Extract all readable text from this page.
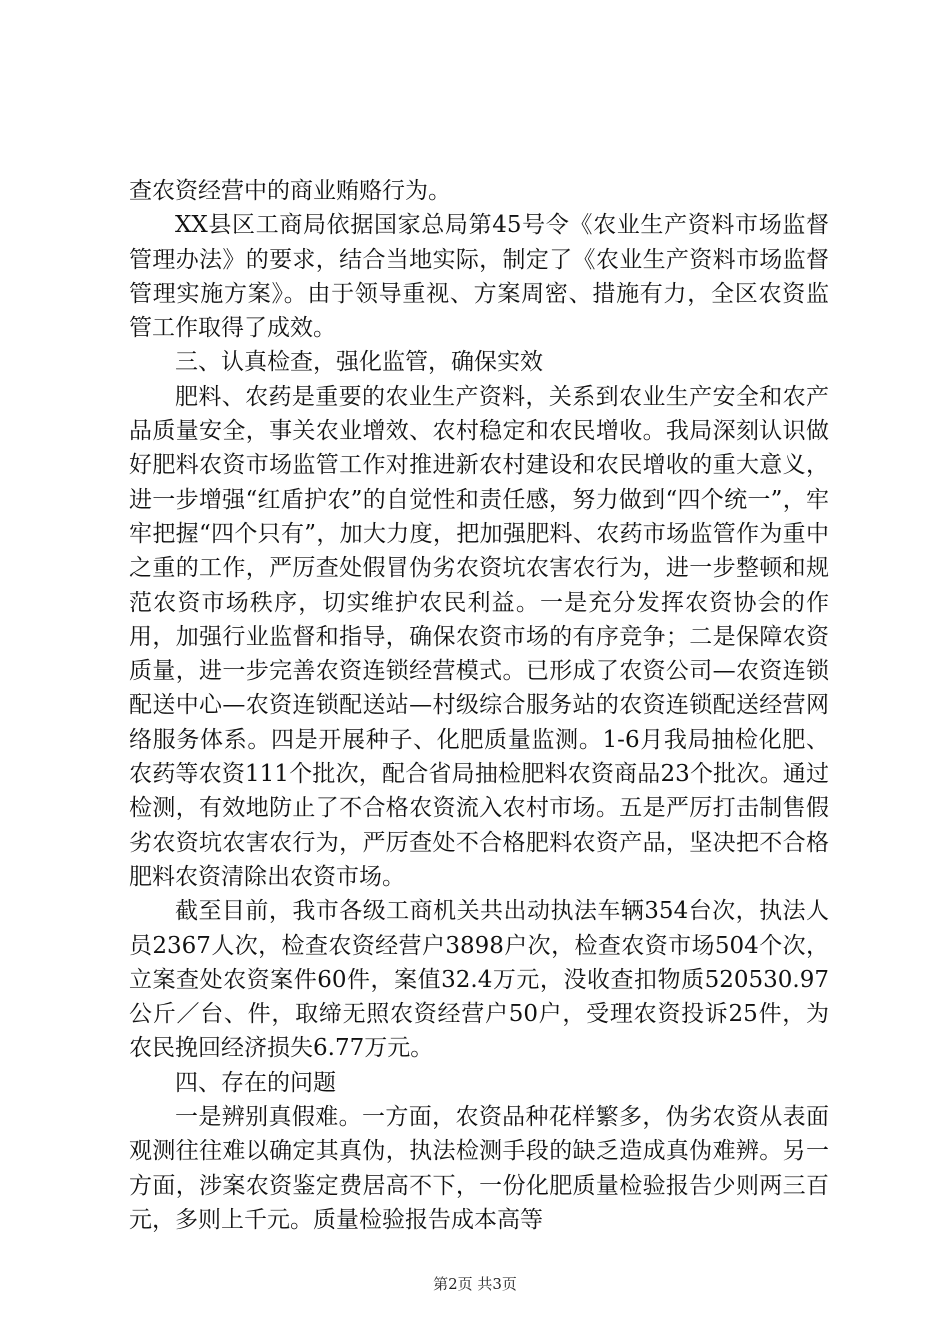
查农资经营中的商业贿赂行为。

XX县区工商局依据国家总局第45号令《农业生产资料市场监督管理办法》的要求，结合当地实际，制定了《农业生产资料市场监督管理实施方案》。由于领导重视、方案周密、措施有力，全区农资监管工作取得了成效。

三、认真检查，强化监管，确保实效

肥料、农药是重要的农业生产资料，关系到农业生产安全和农产品质量安全，事关农业增效、农村稳定和农民增收。我局深刻认识做好肥料农资市场监管工作对推进新农村建设和农民增收的重大意义，进一步增强“红盾护农”的自觉性和责任感，努力做到“四个统一”，牢牢把握“四个只有”，加大力度，把加强肥料、农药市场监管作为重中之重的工作，严厉查处假冒伪劣农资坑农害农行为，进一步整顿和规范农资市场秩序，切实维护农民利益。一是充分发挥农资协会的作用，加强行业监督和指导，确保农资市场的有序竞争；二是保障农资质量，进一步完善农资连锁经营模式。已形成了农资公司—农资连锁配送中心—农资连锁配送站—村级综合服务站的农资连锁配送经营网络服务体系。四是开展种子、化肥质量监测。1-6月我局抽检化肥、农药等农资111个批次，配合省局抽检肥料农资商品23个批次。通过检测，有效地防止了不合格农资流入农村市场。五是严厉打击制售假劣农资坑农害农行为，严厉查处不合格肥料农资产品，坚决把不合格肥料农资清除出农资市场。

截至目前，我市各级工商机关共出动执法车辆354台次，执法人员2367人次，检查农资经营户3898户次，检查农资市场504个次，立案查处农资案件60件，案值32.4万元，没收查扣物质520530.97公斤／台、件，取缔无照农资经营户50户，受理农资投诉25件，为农民挽回经济损失6.77万元。

四、存在的问题

一是辨别真假难。一方面，农资品种花样繁多，伪劣农资从表面观测往往难以确定其真伪，执法检测手段的缺乏造成真伪难辨。另一方面，涉案农资鉴定费居高不下，一份化肥质量检验报告少则两三百元，多则上千元。质量检验报告成本高等

第2页 共3页
